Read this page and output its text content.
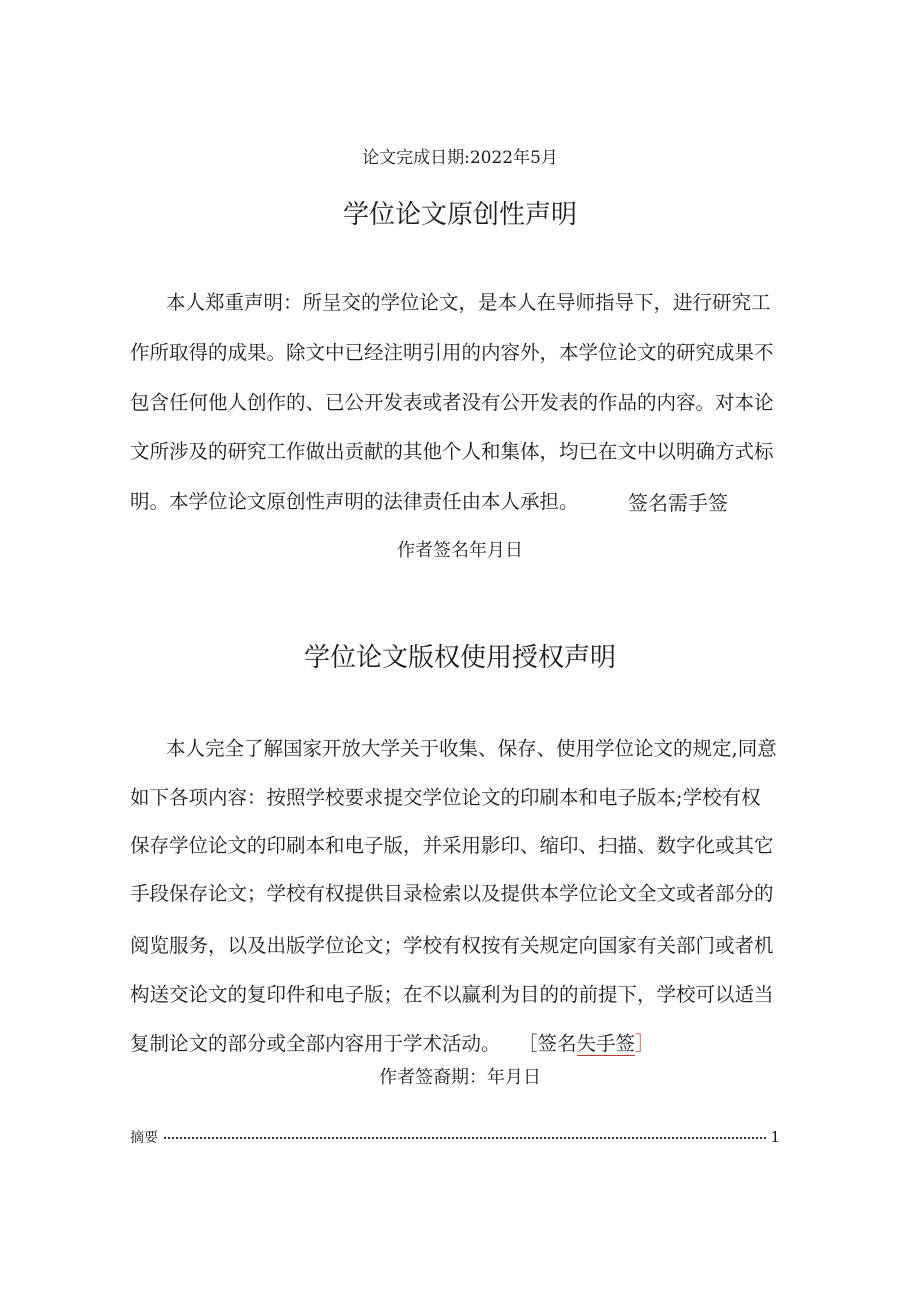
论文完成日期:2022年5月
学位论文原创性声明
本人郑重声明：所呈交的学位论文，是本人在导师指导下，进行研究工
作所取得的成果。除文中已经注明引用的内容外，本学位论文的研究成果不
包含任何他人创作的、已公开发表或者没有公开发表的作品的内容。对本论
文所涉及的研究工作做出贡献的其他个人和集体，均已在文中以明确方式标
明。本学位论文原创性声明的法律责任由本人承担。 签名需手签
作者签名年月日
学位论文版权使用授权声明
本人完全了解国家开放大学关于收集、保存、使用学位论文的规定,同意
如下各项内容：按照学校要求提交学位论文的印刷本和电子版本;学校有权
保存学位论文的印刷本和电子版，并采用影印、缩印、扫描、数字化或其它
手段保存论文；学校有权提供目录检索以及提供本学位论文全文或者部分的
阅览服务，以及出版学位论文；学校有权按有关规定向国家有关部门或者机
构送交论文的复印件和电子版；在不以赢利为目的的前提下，学校可以适当
复制论文的部分或全部内容用于学术活动。 ［签名失手签］
作者签裔期：年月日
摘要	1
